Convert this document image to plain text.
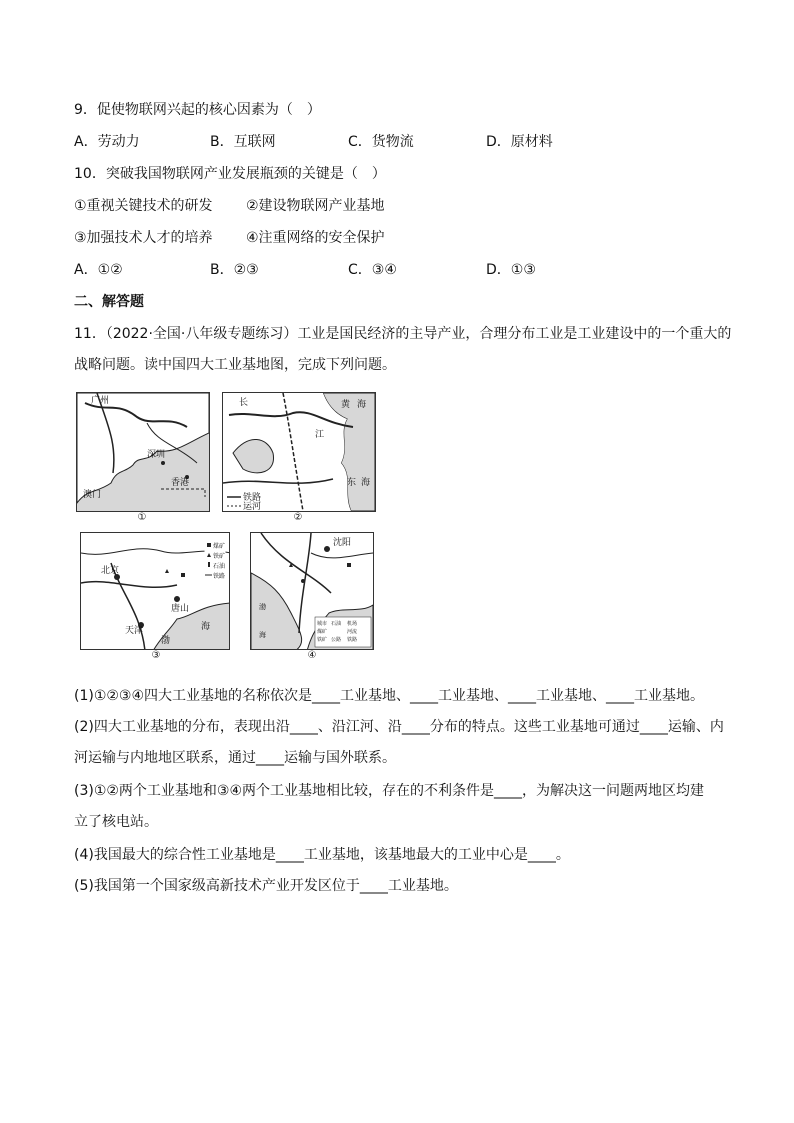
9．促使物联网兴起的核心因素为（　）
A．劳动力	B．互联网	C．货物流	D．原材料
10．突破我国物联网产业发展瓶颈的关键是（　）
①重视关键技术的研发 ②建设物联网产业基地
③加强技术人才的培养 ④注重网络的安全保护
A．①②	B．②③	C．③④	D．①③
二、解答题
11．（2022·全国·八年级专题练习）工业是国民经济的主导产业，合理分布工业是工业建设中的一个重大的
战略问题。读中国四大工业基地图，完成下列问题。
广州
深圳
澳门
香港
①
长
江
黄 海
东 海
铁路
运河
②
煤矿
铁矿
石油
铁路
北京
天津
唐山
渤
海
③
沈阳
渤
海
城市
煤矿
铁矿
石油 机场
河流
铁路
公路
④
(1)①②③④四大工业基地的名称依次是____工业基地、____工业基地、____工业基地、____工业基地。
(2)四大工业基地的分布，表现出沿____、沿江河、沿____分布的特点。这些工业基地可通过____运输、内
河运输与内地地区联系，通过____运输与国外联系。
(3)①②两个工业基地和③④两个工业基地相比较，存在的不利条件是____，为解决这一问题两地区均建
立了核电站。
(4)我国最大的综合性工业基地是____工业基地，该基地最大的工业中心是____。
(5)我国第一个国家级高新技术产业开发区位于____工业基地。
